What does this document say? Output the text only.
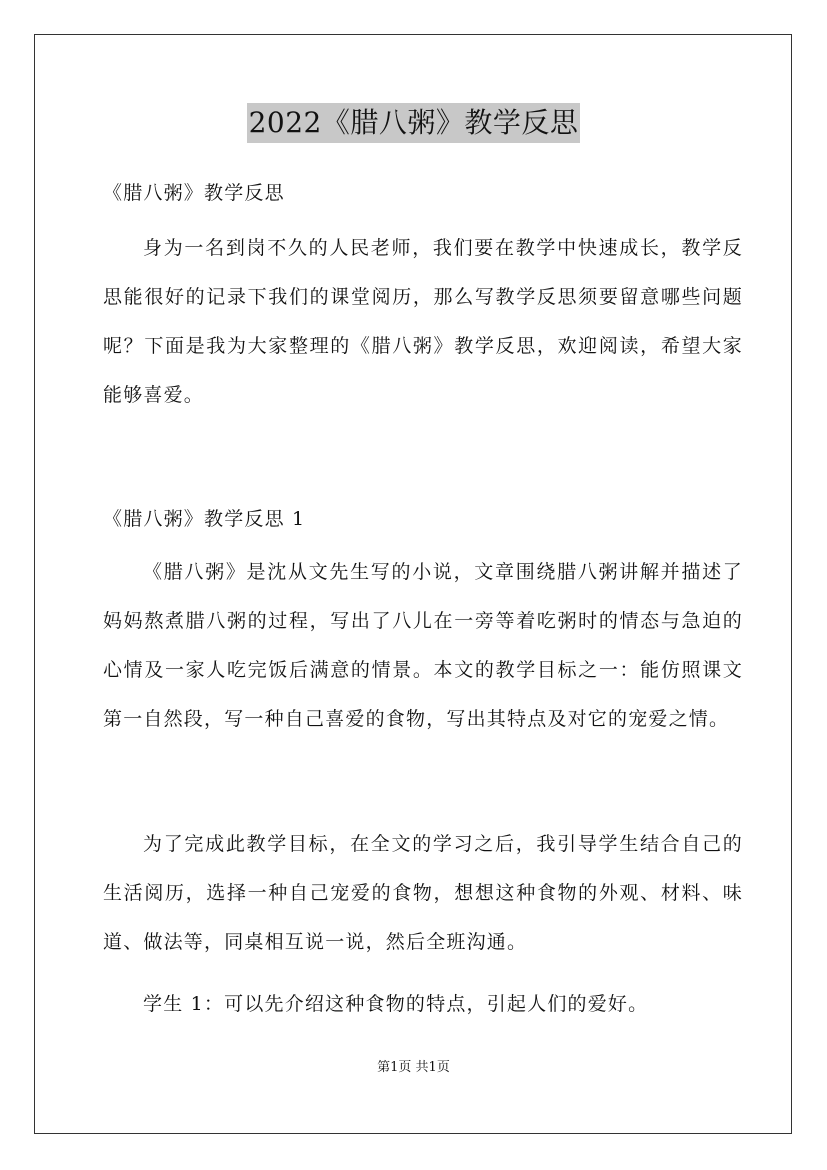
2022《腊八粥》教学反思
《腊八粥》教学反思

身为一名到岗不久的人民老师，我们要在教学中快速成长，教学反思能很好的记录下我们的课堂阅历，那么写教学反思须要留意哪些问题呢？下面是我为大家整理的《腊八粥》教学反思，欢迎阅读，希望大家能够喜爱。

《腊八粥》教学反思 1

《腊八粥》是沈从文先生写的小说，文章围绕腊八粥讲解并描述了妈妈熬煮腊八粥的过程，写出了八儿在一旁等着吃粥时的情态与急迫的心情及一家人吃完饭后满意的情景。本文的教学目标之一：能仿照课文第一自然段，写一种自己喜爱的食物，写出其特点及对它的宠爱之情。

为了完成此教学目标，在全文的学习之后，我引导学生结合自己的生活阅历，选择一种自己宠爱的食物，想想这种食物的外观、材料、味道、做法等，同桌相互说一说，然后全班沟通。

学生 1：可以先介绍这种食物的特点，引起人们的爱好。

第1页 共1页
